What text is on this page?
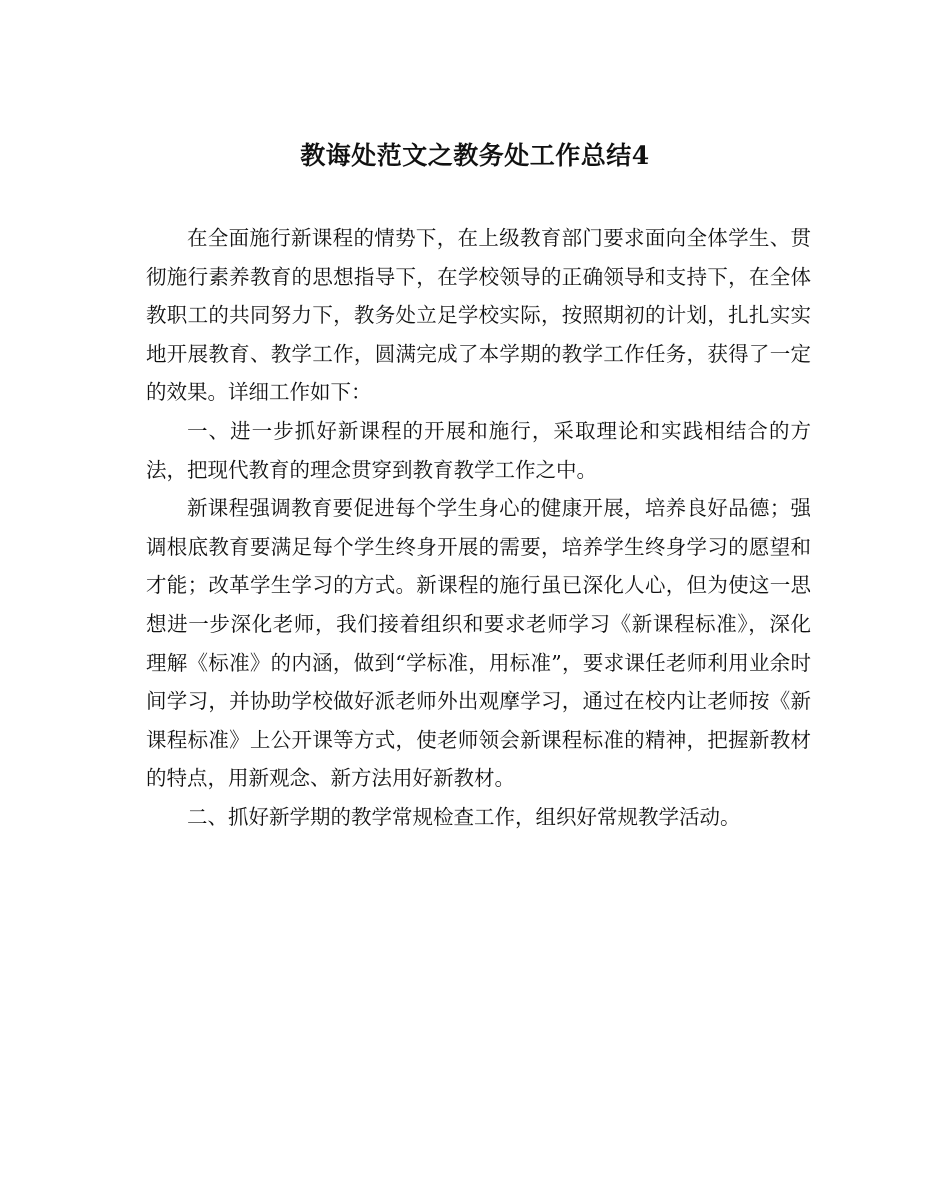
教诲处范文之教务处工作总结4

在全面施行新课程的情势下，在上级教育部门要求面向全体学生、贯彻施行素养教育的思想指导下，在学校领导的正确领导和支持下，在全体教职工的共同努力下，教务处立足学校实际，按照期初的计划，扎扎实实地开展教育、教学工作，圆满完成了本学期的教学工作任务，获得了一定的效果。详细工作如下：

一、进一步抓好新课程的开展和施行，采取理论和实践相结合的方法，把现代教育的理念贯穿到教育教学工作之中。

新课程强调教育要促进每个学生身心的健康开展，培养良好品德；强调根底教育要满足每个学生终身开展的需要，培养学生终身学习的愿望和才能；改革学生学习的方式。新课程的施行虽已深化人心，但为使这一思想进一步深化老师，我们接着组织和要求老师学习《新课程标准》，深化理解《标准》的内涵，做到“学标准，用标准”，要求课任老师利用业余时间学习，并协助学校做好派老师外出观摩学习，通过在校内让老师按《新课程标准》上公开课等方式，使老师领会新课程标准的精神，把握新教材的特点，用新观念、新方法用好新教材。

二、抓好新学期的教学常规检查工作，组织好常规教学活动。
